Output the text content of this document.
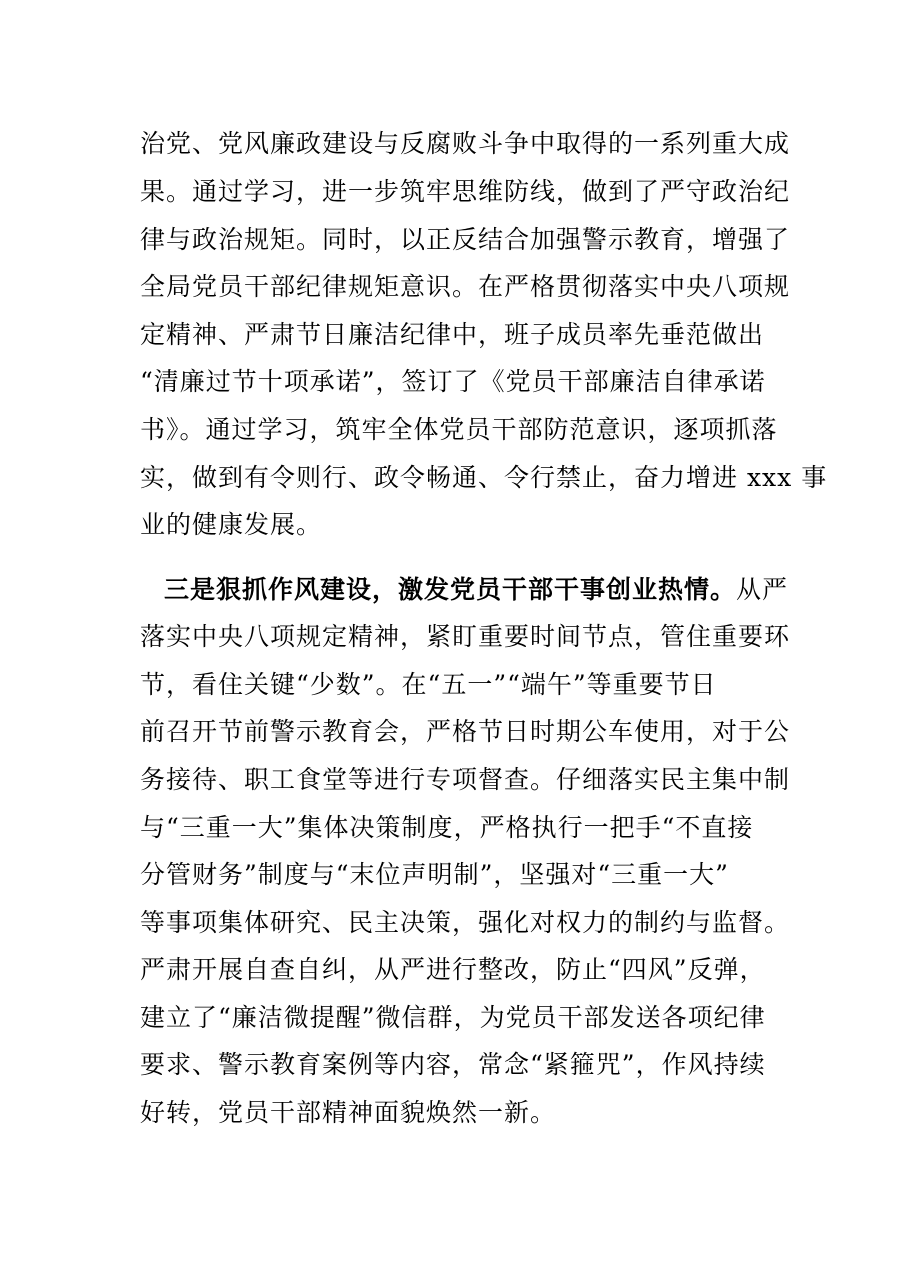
治党、党风廉政建设与反腐败斗争中取得的一系列重大成
果。通过学习，进一步筑牢思维防线，做到了严守政治纪
律与政治规矩。同时，以正反结合加强警示教育，增强了
全局党员干部纪律规矩意识。在严格贯彻落实中央八项规
定精神、严肃节日廉洁纪律中，班子成员率先垂范做出
“清廉过节十项承诺”，签订了《党员干部廉洁自律承诺
书》。通过学习，筑牢全体党员干部防范意识，逐项抓落
实，做到有令则行、政令畅通、令行禁止，奋力增进 xxx 事
业的健康发展。
三是狠抓作风建设，激发党员干部干事创业热情。从严
落实中央八项规定精神，紧盯重要时间节点，管住重要环
节，看住关键“少数”。在“五一”“端午”等重要节日
前召开节前警示教育会，严格节日时期公车使用，对于公
务接待、职工食堂等进行专项督查。仔细落实民主集中制
与“三重一大”集体决策制度，严格执行一把手“不直接
分管财务”制度与“末位声明制”，坚强对“三重一大”
等事项集体研究、民主决策，强化对权力的制约与监督。
严肃开展自查自纠，从严进行整改，防止“四风”反弹，
建立了“廉洁微提醒”微信群，为党员干部发送各项纪律
要求、警示教育案例等内容，常念“紧箍咒”，作风持续
好转，党员干部精神面貌焕然一新。
